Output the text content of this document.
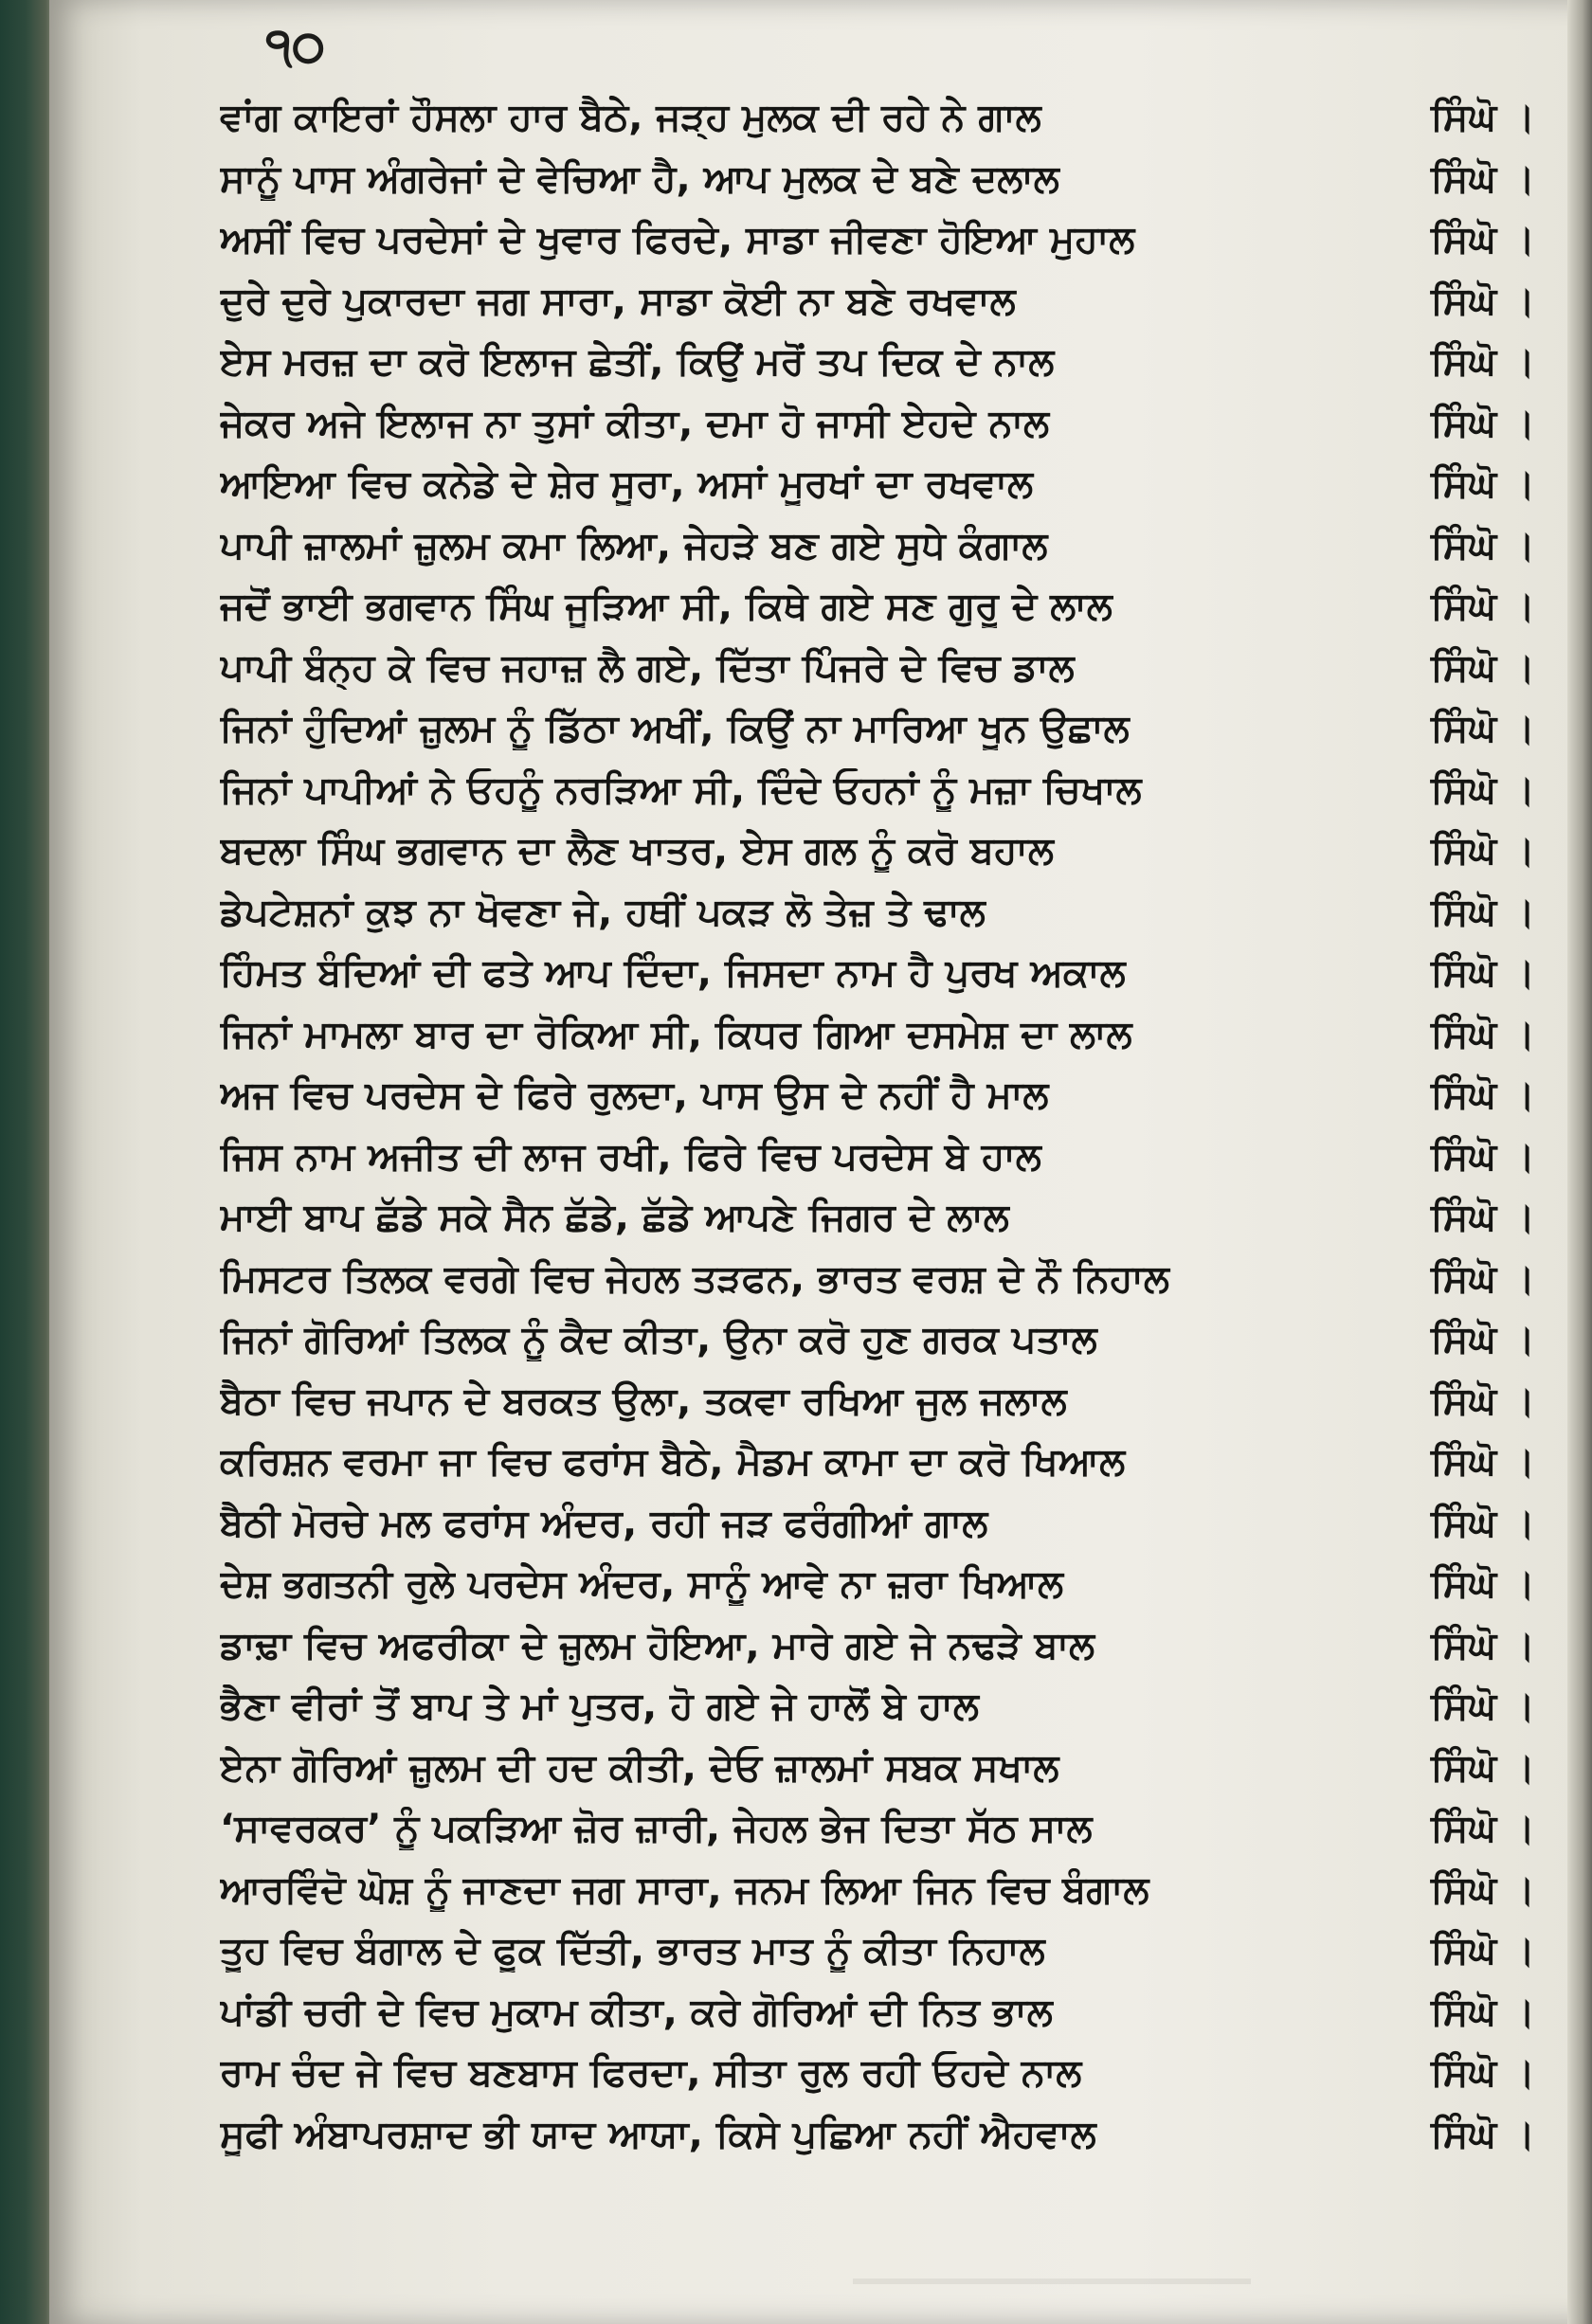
੧੦
ਵਾਂਗ ਕਾਇਰਾਂ ਹੌਸਲਾ ਹਾਰ ਬੈਠੇ, ਜੜ੍ਹ ਮੁਲਕ ਦੀ ਰਹੇ ਨੇ ਗਾਲ	ਸਿੰਘੋ ।
ਸਾਨੂੰ ਪਾਸ ਅੰਗਰੇਜਾਂ ਦੇ ਵੇਚਿਆ ਹੈ, ਆਪ ਮੁਲਕ ਦੇ ਬਣੇ ਦਲਾਲ	ਸਿੰਘੋ ।
ਅਸੀਂ ਵਿਚ ਪਰਦੇਸਾਂ ਦੇ ਖੁਵਾਰ ਫਿਰਦੇ, ਸਾਡਾ ਜੀਵਣਾ ਹੋਇਆ ਮੁਹਾਲ	ਸਿੰਘੋ ।
ਦੁਰੇ ਦੁਰੇ ਪੁਕਾਰਦਾ ਜਗ ਸਾਰਾ, ਸਾਡਾ ਕੋਈ ਨਾ ਬਣੇ ਰਖਵਾਲ	ਸਿੰਘੋ ।
ਏਸ ਮਰਜ਼ ਦਾ ਕਰੋ ਇਲਾਜ ਛੇਤੀਂ, ਕਿਉਂ ਮਰੋਂ ਤਪ ਦਿਕ ਦੇ ਨਾਲ	ਸਿੰਘੋ ।
ਜੇਕਰ ਅਜੇ ਇਲਾਜ ਨਾ ਤੁਸਾਂ ਕੀਤਾ, ਦਮਾ ਹੋ ਜਾਸੀ ਏਹਦੇ ਨਾਲ	ਸਿੰਘੋ ।
ਆਇਆ ਵਿਚ ਕਨੇਡੇ ਦੇ ਸ਼ੇਰ ਸੂਰਾ, ਅਸਾਂ ਮੂਰਖਾਂ ਦਾ ਰਖਵਾਲ	ਸਿੰਘੋ ।
ਪਾਪੀ ਜ਼ਾਲਮਾਂ ਜ਼ੁਲਮ ਕਮਾ ਲਿਆ, ਜੇਹੜੇ ਬਣ ਗਏ ਸੁਧੇ ਕੰਗਾਲ	ਸਿੰਘੋ ।
ਜਦੋਂ ਭਾਈ ਭਗਵਾਨ ਸਿੰਘ ਜੂੜਿਆ ਸੀ, ਕਿਥੇ ਗਏ ਸਣ ਗੁਰੂ ਦੇ ਲਾਲ	ਸਿੰਘੋ ।
ਪਾਪੀ ਬੰਨ੍ਹ ਕੇ ਵਿਚ ਜਹਾਜ਼ ਲੈ ਗਏ, ਦਿੱਤਾ ਪਿੰਜਰੇ ਦੇ ਵਿਚ ਡਾਲ	ਸਿੰਘੋ ।
ਜਿਨਾਂ ਹੁੰਦਿਆਂ ਜ਼ੁਲਮ ਨੂੰ ਡਿੱਠਾ ਅਖੀਂ, ਕਿਉਂ ਨਾ ਮਾਰਿਆ ਖੂਨ ਉਛਾਲ	ਸਿੰਘੋ ।
ਜਿਨਾਂ ਪਾਪੀਆਂ ਨੇ ਓਹਨੂੰ ਨਰੜਿਆ ਸੀ, ਦਿੰਦੇ ਓਹਨਾਂ ਨੂੰ ਮਜ਼ਾ ਚਿਖਾਲ	ਸਿੰਘੋ ।
ਬਦਲਾ ਸਿੰਘ ਭਗਵਾਨ ਦਾ ਲੈਣ ਖਾਤਰ, ਏਸ ਗਲ ਨੂੰ ਕਰੋ ਬਹਾਲ	ਸਿੰਘੋ ।
ਡੇਪਟੇਸ਼ਨਾਂ ਕੁਝ ਨਾ ਖੋਵਣਾ ਜੇ, ਹਥੀਂ ਪਕੜ ਲੋ ਤੇਜ਼ ਤੇ ਢਾਲ	ਸਿੰਘੋ ।
ਹਿੰਮਤ ਬੰਦਿਆਂ ਦੀ ਫਤੇ ਆਪ ਦਿੰਦਾ, ਜਿਸਦਾ ਨਾਮ ਹੈ ਪੁਰਖ ਅਕਾਲ	ਸਿੰਘੋ ।
ਜਿਨਾਂ ਮਾਮਲਾ ਬਾਰ ਦਾ ਰੋਕਿਆ ਸੀ, ਕਿਧਰ ਗਿਆ ਦਸਮੇਸ਼ ਦਾ ਲਾਲ	ਸਿੰਘੋ ।
ਅਜ ਵਿਚ ਪਰਦੇਸ ਦੇ ਫਿਰੇ ਰੁਲਦਾ, ਪਾਸ ਉਸ ਦੇ ਨਹੀਂ ਹੈ ਮਾਲ	ਸਿੰਘੋ ।
ਜਿਸ ਨਾਮ ਅਜੀਤ ਦੀ ਲਾਜ ਰਖੀ, ਫਿਰੇ ਵਿਚ ਪਰਦੇਸ ਬੇ ਹਾਲ	ਸਿੰਘੋ ।
ਮਾਈ ਬਾਪ ਛੱਡੇ ਸਕੇ ਸੈਨ ਛੱਡੇ, ਛੱਡੇ ਆਪਣੇ ਜਿਗਰ ਦੇ ਲਾਲ	ਸਿੰਘੋ ।
ਮਿਸਟਰ ਤਿਲਕ ਵਰਗੇ ਵਿਚ ਜੇਹਲ ਤੜਫਨ, ਭਾਰਤ ਵਰਸ਼ ਦੇ ਨੌ ਨਿਹਾਲ	ਸਿੰਘੋ ।
ਜਿਨਾਂ ਗੋਰਿਆਂ ਤਿਲਕ ਨੂੰ ਕੈਦ ਕੀਤਾ, ਉਨਾ ਕਰੋ ਹੁਣ ਗਰਕ ਪਤਾਲ	ਸਿੰਘੋ ।
ਬੈਠਾ ਵਿਚ ਜਪਾਨ ਦੇ ਬਰਕਤ ਉਲਾ, ਤਕਵਾ ਰਖਿਆ ਜੁਲ ਜਲਾਲ	ਸਿੰਘੋ ।
ਕਰਿਸ਼ਨ ਵਰਮਾ ਜਾ ਵਿਚ ਫਰਾਂਸ ਬੈਠੇ, ਮੈਡਮ ਕਾਮਾ ਦਾ ਕਰੋ ਖਿਆਲ	ਸਿੰਘੋ ।
ਬੈਠੀ ਮੋਰਚੇ ਮਲ ਫਰਾਂਸ ਅੰਦਰ, ਰਹੀ ਜੜ ਫਰੰਗੀਆਂ ਗਾਲ	ਸਿੰਘੋ ।
ਦੇਸ਼ ਭਗਤਨੀ ਰੁਲੇ ਪਰਦੇਸ ਅੰਦਰ, ਸਾਨੂੰ ਆਵੇ ਨਾ ਜ਼ਰਾ ਖਿਆਲ	ਸਿੰਘੋ ।
ਡਾਢ਼ਾ ਵਿਚ ਅਫਰੀਕਾ ਦੇ ਜ਼ੁਲਮ ਹੋਇਆ, ਮਾਰੇ ਗਏ ਜੇ ਨਢੜੇ ਬਾਲ	ਸਿੰਘੋ ।
ਭੈਣਾ ਵੀਰਾਂ ਤੋਂ ਬਾਪ ਤੇ ਮਾਂ ਪੁਤਰ, ਹੋ ਗਏ ਜੇ ਹਾਲੋਂ ਬੇ ਹਾਲ	ਸਿੰਘੋ ।
ਏਨਾ ਗੋਰਿਆਂ ਜ਼ੁਲਮ ਦੀ ਹਦ ਕੀਤੀ, ਦੇਓ ਜ਼ਾਲਮਾਂ ਸਬਕ ਸਖਾਲ	ਸਿੰਘੋ ।
‘ਸਾਵਰਕਰ’ ਨੂੰ ਪਕੜਿਆ ਜ਼ੋਰ ਜ਼ਾਰੀ, ਜੇਹਲ ਭੇਜ ਦਿਤਾ ਸੱਠ ਸਾਲ	ਸਿੰਘੋ ।
ਆਰਵਿੰਦੋ ਘੋਸ਼ ਨੂੰ ਜਾਣਦਾ ਜਗ ਸਾਰਾ, ਜਨਮ ਲਿਆ ਜਿਨ ਵਿਚ ਬੰਗਾਲ	ਸਿੰਘੋ ।
ਤੂਹ ਵਿਚ ਬੰਗਾਲ ਦੇ ਫੂਕ ਦਿੱਤੀ, ਭਾਰਤ ਮਾਤ ਨੂੰ ਕੀਤਾ ਨਿਹਾਲ	ਸਿੰਘੋ ।
ਪਾਂਡੀ ਚਰੀ ਦੇ ਵਿਚ ਮੁਕਾਮ ਕੀਤਾ, ਕਰੇ ਗੋਰਿਆਂ ਦੀ ਨਿਤ ਭਾਲ	ਸਿੰਘੋ ।
ਰਾਮ ਚੰਦ ਜੇ ਵਿਚ ਬਣਬਾਸ ਫਿਰਦਾ, ਸੀਤਾ ਰੁਲ ਰਹੀ ਓਹਦੇ ਨਾਲ	ਸਿੰਘੋ ।
ਸੂਫੀ ਅੰਬਾਪਰਸ਼ਾਦ ਭੀ ਯਾਦ ਆਯਾ, ਕਿਸੇ ਪੁਛਿਆ ਨਹੀਂ ਐਹਵਾਲ	ਸਿੰਘੋ ।
